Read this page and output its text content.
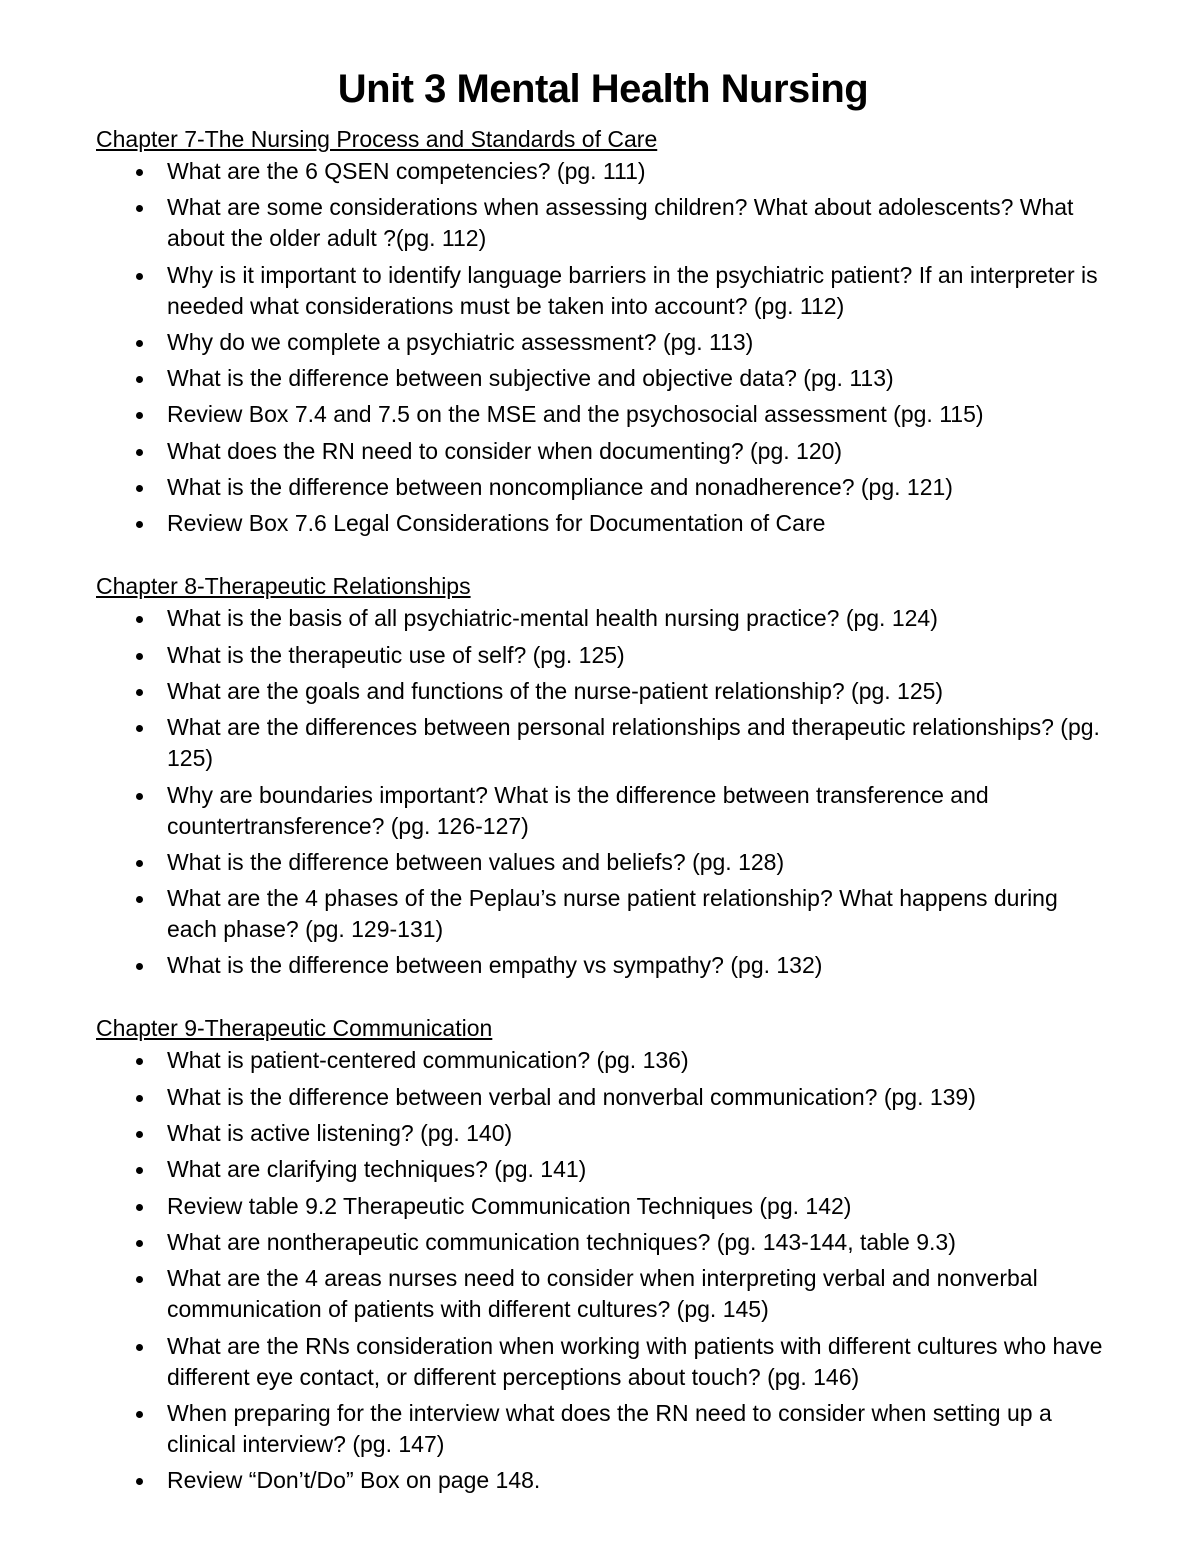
Unit 3 Mental Health Nursing
Chapter 7-The Nursing Process and Standards of Care
What are the 6 QSEN competencies? (pg. 111)
What are some considerations when assessing children? What about adolescents? What about the older adult ?(pg. 112)
Why is it important to identify language barriers in the psychiatric patient? If an interpreter is needed what considerations must be taken into account? (pg. 112)
Why do we complete a psychiatric assessment? (pg. 113)
What is the difference between subjective and objective data? (pg. 113)
Review Box 7.4 and 7.5 on the MSE and the psychosocial assessment (pg. 115)
What does the RN need to consider when documenting? (pg. 120)
What is the difference between noncompliance and nonadherence? (pg. 121)
Review Box 7.6 Legal Considerations for Documentation of Care
Chapter 8-Therapeutic Relationships
What is the basis of all psychiatric-mental health nursing practice? (pg. 124)
What is the therapeutic use of self? (pg. 125)
What are the goals and functions of the nurse-patient relationship? (pg. 125)
What are the differences between personal relationships and therapeutic relationships? (pg. 125)
Why are boundaries important? What is the difference between transference and countertransference? (pg. 126-127)
What is the difference between values and beliefs? (pg. 128)
What are the 4 phases of the Peplau’s nurse patient relationship? What happens during each phase? (pg. 129-131)
What is the difference between empathy vs sympathy? (pg. 132)
Chapter 9-Therapeutic Communication
What is patient-centered communication? (pg. 136)
What is the difference between verbal and nonverbal communication? (pg. 139)
What is active listening? (pg. 140)
What are clarifying techniques? (pg. 141)
Review table 9.2 Therapeutic Communication Techniques (pg. 142)
What are nontherapeutic communication techniques? (pg. 143-144, table 9.3)
What are the 4 areas nurses need to consider when interpreting verbal and nonverbal communication of patients with different cultures? (pg. 145)
What are the RNs consideration when working with patients with different cultures who have different eye contact, or different perceptions about touch? (pg. 146)
When preparing for the interview what does the RN need to consider when setting up a clinical interview? (pg. 147)
Review “Don’t/Do” Box on page 148.
